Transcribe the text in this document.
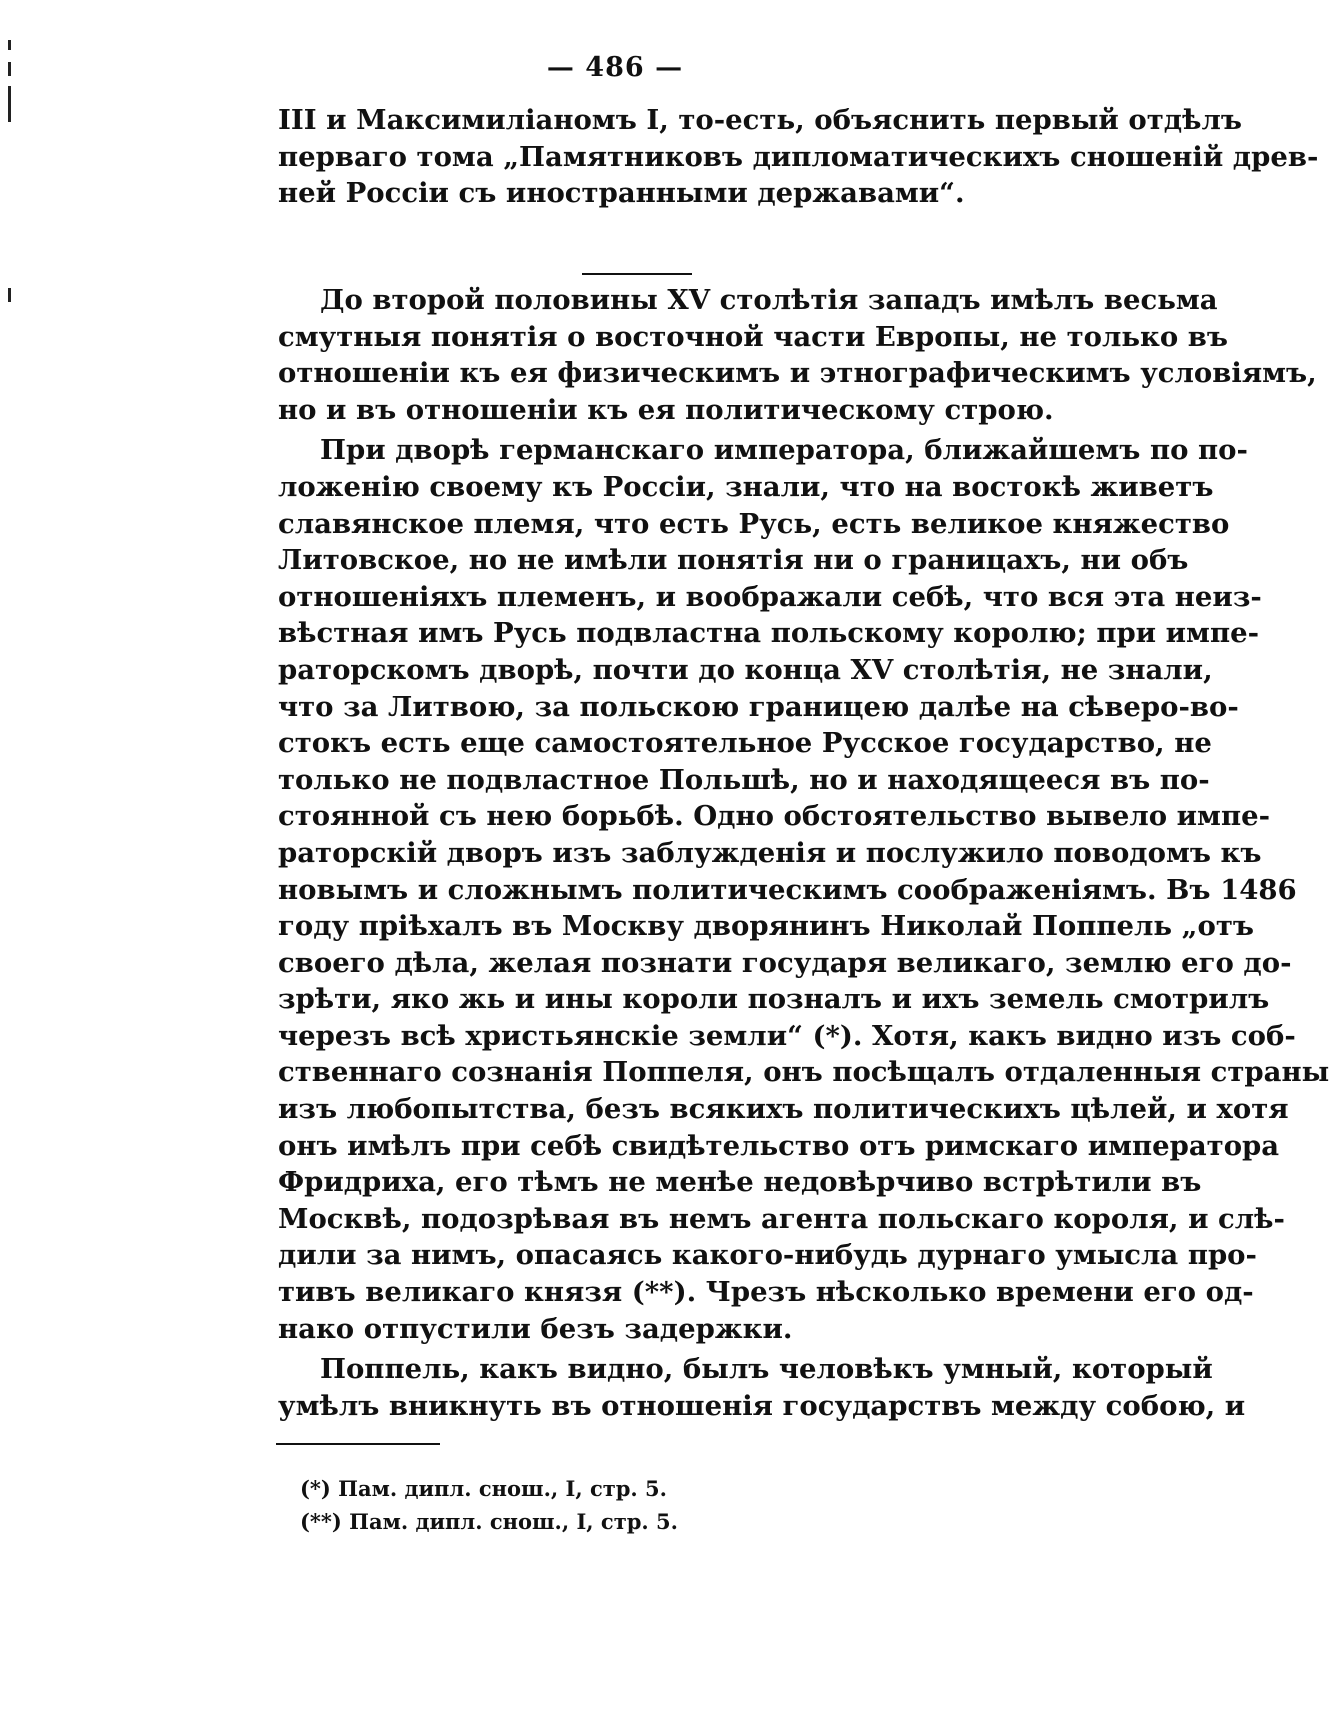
— 486 —
III и Максимиліаномъ I, то-есть, объяснить первый отдѣлъ
перваго тома „Памятниковъ дипломатическихъ сношеній древ-
ней Россіи съ иностранными державами“.
До второй половины XV столѣтія западъ имѣлъ весьма
смутныя понятія о восточной части Европы, не только въ
отношеніи къ ея физическимъ и этнографическимъ условіямъ,
но и въ отношеніи къ ея политическому строю.
При дворѣ германскаго императора, ближайшемъ по по-
ложенію своему къ Россіи, знали, что на востокѣ живетъ
славянское племя, что есть Русь, есть великое княжество
Литовское, но не имѣли понятія ни о границахъ, ни объ
отношеніяхъ племенъ, и воображали себѣ, что вся эта неиз-
вѣстная имъ Русь подвластна польскому королю; при импе-
раторскомъ дворѣ, почти до конца XV столѣтія, не знали,
что за Литвою, за польскою границею далѣе на сѣверо-во-
стокъ есть еще самостоятельное Русское государство, не
только не подвластное Польшѣ, но и находящееся въ по-
стоянной съ нею борьбѣ. Одно обстоятельство вывело импе-
раторскій дворъ изъ заблужденія и послужило поводомъ къ
новымъ и сложнымъ политическимъ соображеніямъ. Въ 1486
году пріѣхалъ въ Москву дворянинъ Николай Поппель „отъ
своего дѣла, желая познати государя великаго, землю его до-
зрѣти, яко жь и ины короли позналъ и ихъ земель смотрилъ
черезъ всѣ христьянскіе земли“ (*). Хотя, какъ видно изъ соб-
ственнаго сознанія Поппеля, онъ посѣщалъ отдаленныя страны
изъ любопытства, безъ всякихъ политическихъ цѣлей, и хотя
онъ имѣлъ при себѣ свидѣтельство отъ римскаго императора
Фридриха, его тѣмъ не менѣе недовѣрчиво встрѣтили въ
Москвѣ, подозрѣвая въ немъ агента польскаго короля, и слѣ-
дили за нимъ, опасаясь какого-нибудь дурнаго умысла про-
тивъ великаго князя (**). Чрезъ нѣсколько времени его од-
нако отпустили безъ задержки.
Поппель, какъ видно, былъ человѣкъ умный, который
умѣлъ вникнуть въ отношенія государствъ между собою, и
(*) Пам. дипл. снош., I, стр. 5.
(**) Пам. дипл. снош., I, стр. 5.
